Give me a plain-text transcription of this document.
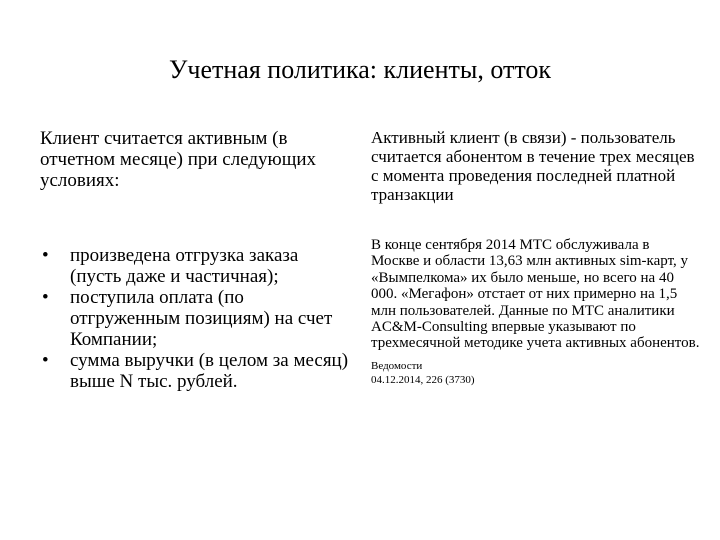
Учетная политика: клиенты, отток

Клиент считается активным (в отчетном месяце) при следующих условиях:

• произведена отгрузка заказа (пусть даже и частичная);
• поступила оплата (по отгруженным позициям) на счет Компании;
• сумма выручки (в целом за месяц) выше N тыс. рублей.

Активный клиент (в связи) - пользователь считается абонентом в течение трех месяцев с момента проведения последней платной транзакции

В конце сентября 2014 МТС обслуживала в Москве и области 13,63 млн активных sim-карт, у «Вымпелкома» их было меньше, но всего на 40 000. «Мегафон» отстает от них примерно на 1,5 млн пользователей. Данные по МТС аналитики AC&M-Consulting впервые указывают по трехмесячной методике учета активных абонентов.

Ведомости
04.12.2014, 226 (3730)
